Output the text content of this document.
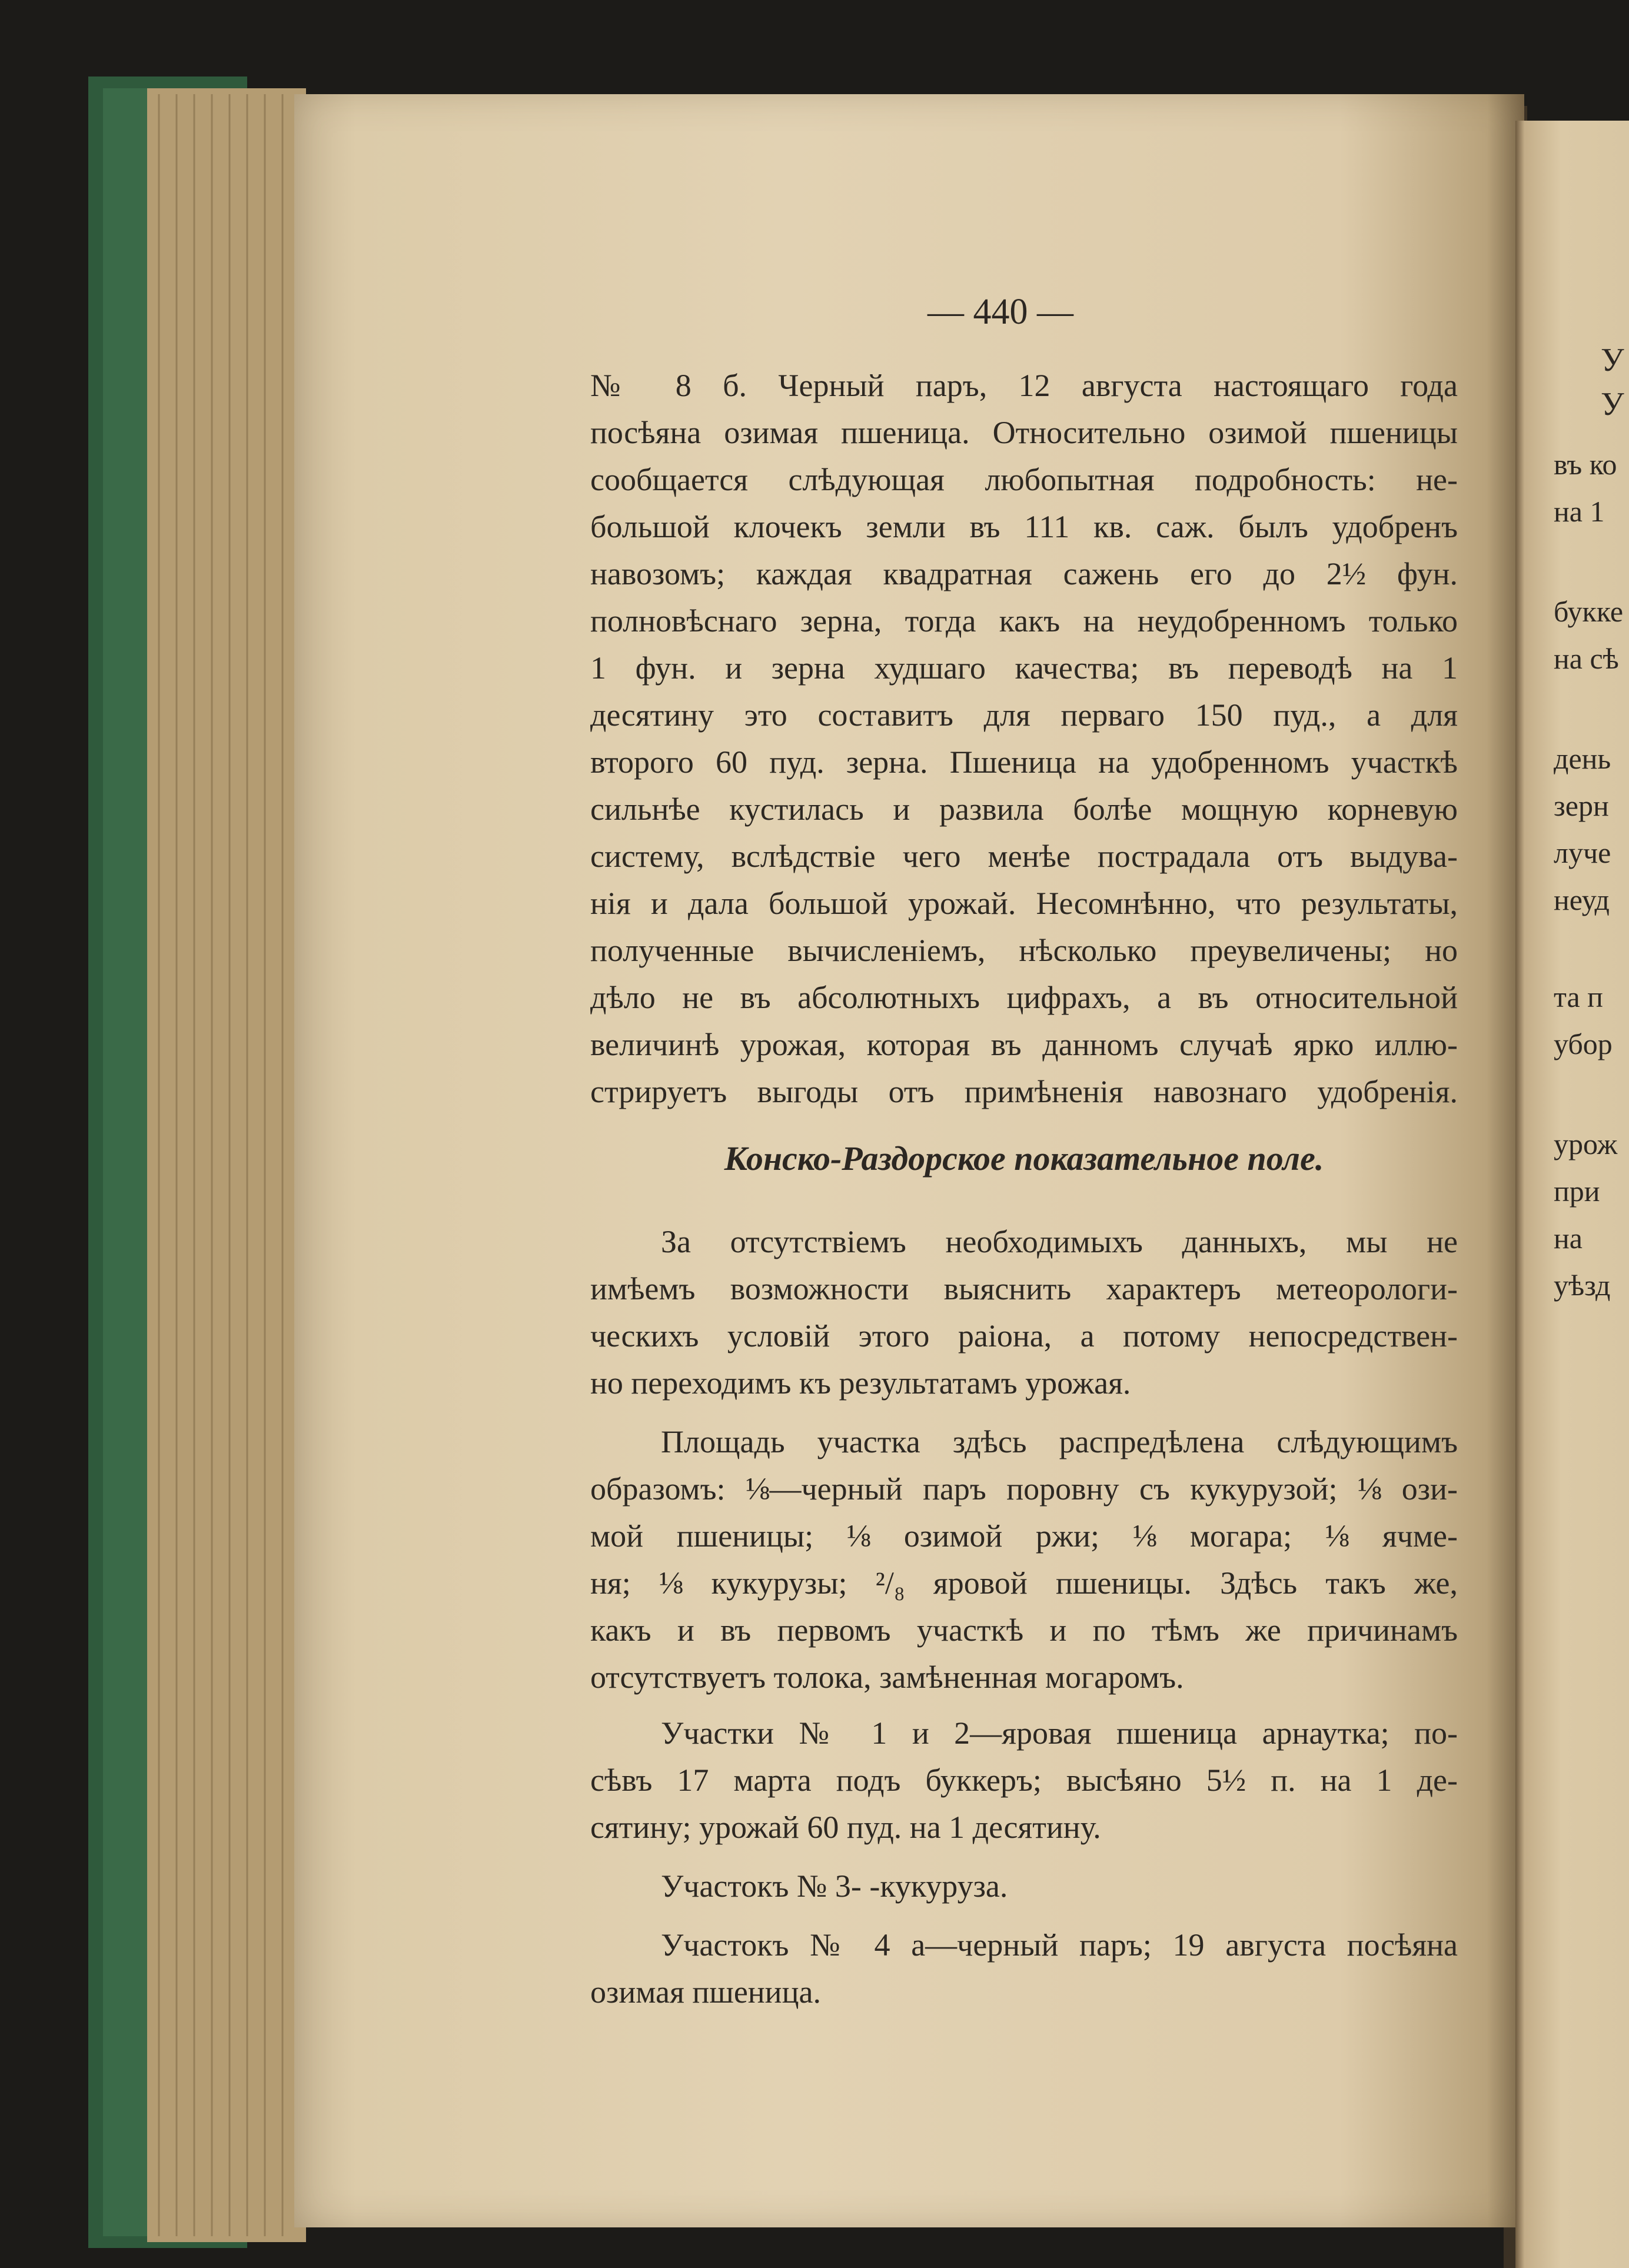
— 440 —
№ 8 б. Черный паръ, 12 августа настоящаго года
посѣяна озимая пшеница. Относительно озимой пшеницы
сообщается слѣдующая любопытная подробность: не-
большой клочекъ земли въ 111 кв. саж. былъ удобренъ
навозомъ; каждая квадратная сажень его до 2½ фун.
полновѣснаго зерна, тогда какъ на неудобренномъ только
1 фун. и зерна худшаго качества; въ переводѣ на 1
десятину это составитъ для перваго 150 пуд., а для
второго 60 пуд. зерна. Пшеница на удобренномъ участкѣ
сильнѣе кустилась и развила болѣе мощную корневую
систему, вслѣдствіе чего менѣе пострадала отъ выдува-
нія и дала большой урожай. Несомнѣнно, что результаты,
полученные вычисленіемъ, нѣсколько преувеличены; но
дѣло не въ абсолютныхъ цифрахъ, а въ относительной
величинѣ урожая, которая въ данномъ случаѣ ярко иллю-
стрируетъ выгоды отъ примѣненія навознаго удобренія.
Конско-Раздорское показательное поле.
За отсутствіемъ необходимыхъ данныхъ, мы не
имѣемъ возможности выяснить характеръ метеорологи-
ческихъ условій этого раіона, а потому непосредствен-
но переходимъ къ результатамъ урожая.
Площадь участка здѣсь распредѣлена слѣдующимъ
образомъ: ⅛—черный паръ поровну съ кукурузой; ⅛ ози-
мой пшеницы; ⅛ озимой ржи; ⅛ могара; ⅛ ячме-
ня; ⅛ кукурузы; ²/₈ яровой пшеницы. Здѣсь такъ же,
какъ и въ первомъ участкѣ и по тѣмъ же причинамъ
отсутствуетъ толока, замѣненная могаромъ.
Участки № 1 и 2—яровая пшеница арнаутка; по-
сѣвъ 17 марта подъ буккеръ; высѣяно 5½ п. на 1 де-
сятину; урожай 60 пуд. на 1 десятину.
Участокъ № 3- -кукуруза.
Участокъ № 4 а—черный паръ; 19 августа посѣяна
озимая пшеница.
У
У
въ ко
на 1
букке
на сѣ
день
зерн
луче
неуд
та п
убор
урож
при
на
уѣзд
